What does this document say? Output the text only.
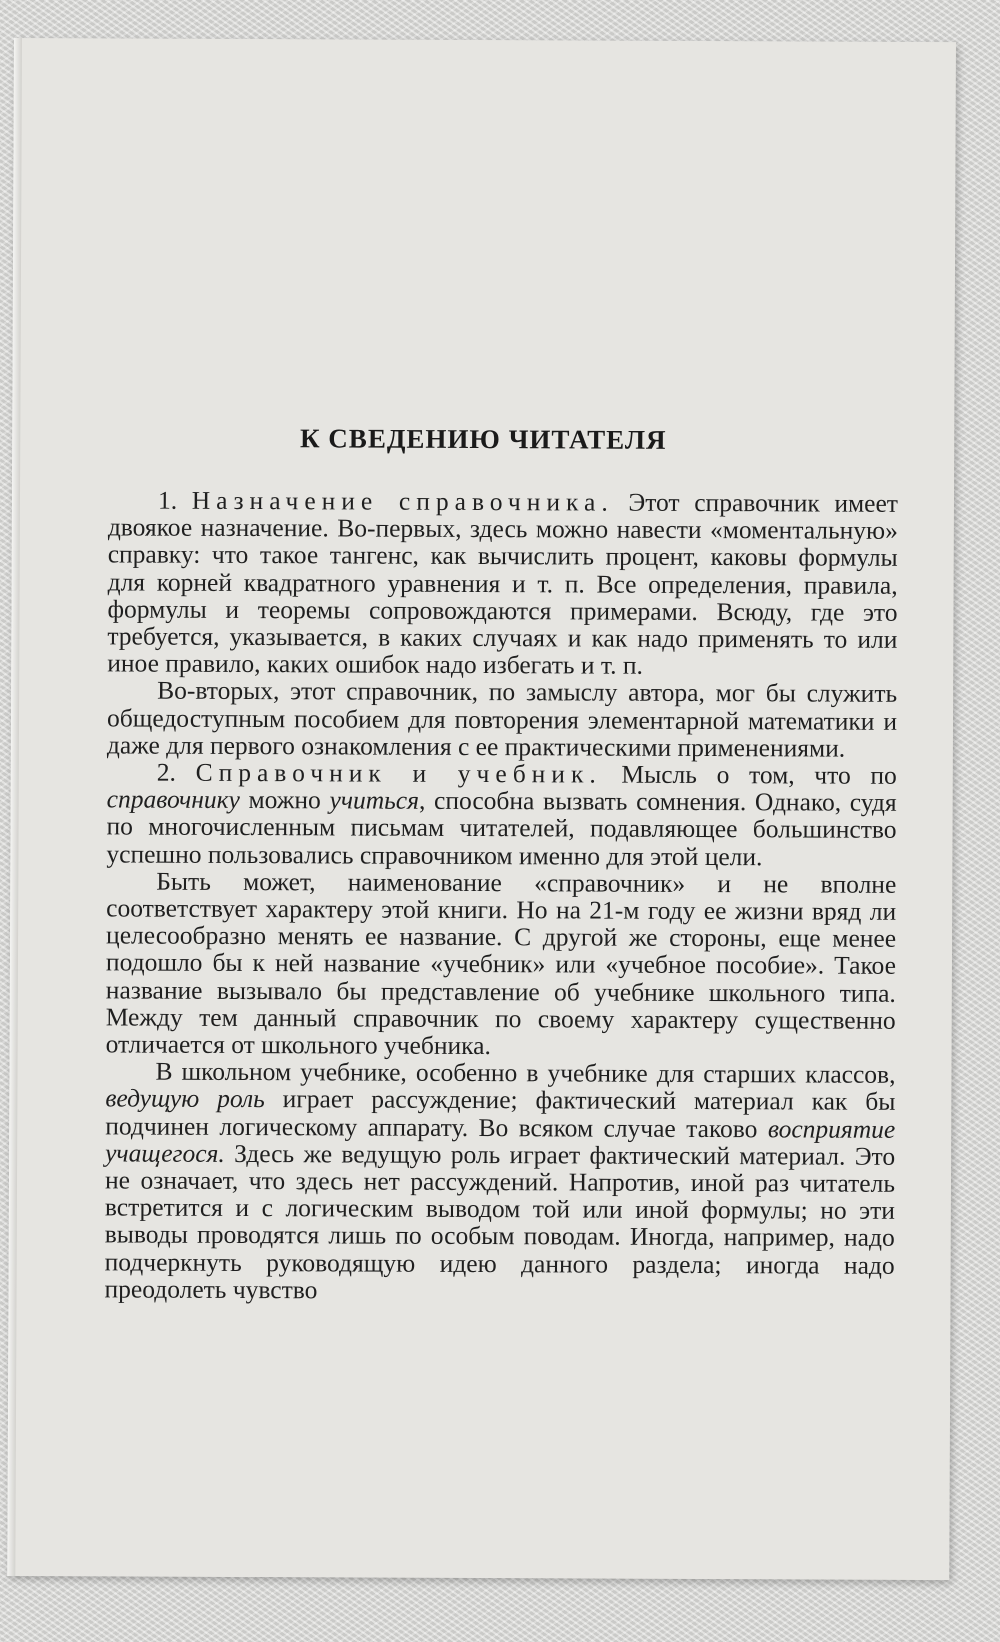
К СВЕДЕНИЮ ЧИТАТЕЛЯ

1. Назначение справочника. Этот справочник имеет двоякое назначение. Во-первых, здесь можно навести «моментальную» справку: что такое тангенс, как вычислить процент, каковы формулы для корней квадратного уравнения и т. п. Все определения, правила, формулы и теоремы сопровождаются примерами. Всюду, где это требуется, указывается, в каких случаях и как надо применять то или иное правило, каких ошибок надо избегать и т. п.

Во-вторых, этот справочник, по замыслу автора, мог бы служить общедоступным пособием для повторения элементарной математики и даже для первого ознакомления с ее практическими применениями.

2. Справочник и учебник. Мысль о том, что по справочнику можно учиться, способна вызвать сомнения. Однако, судя по многочисленным письмам читателей, подавляющее большинство успешно пользовались справочником именно для этой цели.

Быть может, наименование «справочник» и не вполне соответствует характеру этой книги. Но на 21-м году ее жизни вряд ли целесообразно менять ее название. С другой же стороны, еще менее подошло бы к ней название «учебник» или «учебное пособие». Такое название вызывало бы представление об учебнике школьного типа. Между тем данный справочник по своему характеру существенно отличается от школьного учебника.

В школьном учебнике, особенно в учебнике для старших классов, ведущую роль играет рассуждение; фактический материал как бы подчинен логическому аппарату. Во всяком случае таково восприятие учащегося. Здесь же ведущую роль играет фактический материал. Это не означает, что здесь нет рассуждений. Напротив, иной раз читатель встретится и с логическим выводом той или иной формулы; но эти выводы проводятся лишь по особым поводам. Иногда, например, надо подчеркнуть руководящую идею данного раздела; иногда надо преодолеть чувство
